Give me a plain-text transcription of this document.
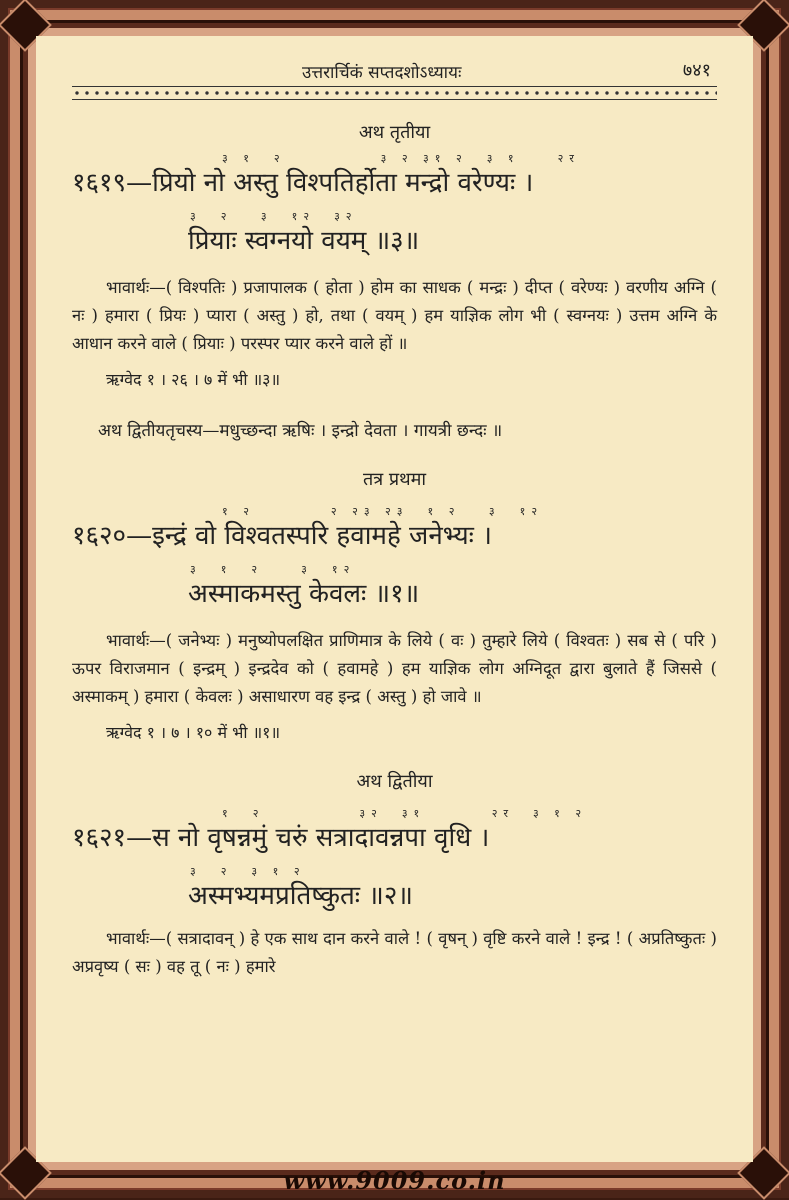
उत्तरार्चिकं सप्तदशोऽध्यायः	७४१
अथ तृतीया
३ १  २          ३ २ ३१ २  ३ १    २र
१६१९—प्रियो नो अस्तु विश्पतिर्होता मन्द्रो वरेण्यः ।
३  २   ३  १२  ३२
प्रियाः स्वग्नयो वयम् ॥३॥

भावार्थः—( विश्पतिः ) प्रजापालक ( होता ) होम का साधक ( मन्द्रः ) दीप्त ( वरेण्यः ) वरणीय अग्नि ( नः ) हमारा ( प्रियः ) प्यारा ( अस्तु ) हो, तथा ( वयम् ) हम याज्ञिक लोग भी ( स्वग्नयः ) उत्तम अग्नि के आधान करने वाले ( प्रियाः ) परस्पर प्यार करने वाले हों ॥

ऋग्वेद १ । २६ । ७ में भी ॥३॥
अथ द्वितीयतृचस्य—मधुच्छन्दा ऋषिः । इन्द्रो देवता । गायत्री छन्दः ॥
तत्र प्रथमा
१ २        २ २३ २३  १ २   ३  १२
१६२०—इन्द्रं वो विश्वतस्परि हवामहे जनेभ्यः ।
३  १  २    ३  १२
अस्माकमस्तु केवलः ॥१॥

भावार्थः—( जनेभ्यः ) मनुष्योपलक्षित प्राणिमात्र के लिये ( वः ) तुम्हारे लिये ( विश्वतः ) सब से ( परि ) ऊपर विराजमान ( इन्द्रम् ) इन्द्रदेव को ( हवामहे ) हम याज्ञिक लोग अग्निदूत द्वारा बुलाते हैं जिससे ( अस्माकम् ) हमारा ( केवलः ) असाधारण वह इन्द्र ( अस्तु ) हो जावे ॥

ऋग्वेद १ । ७ । १० में भी ॥१॥
अथ द्वितीया
१  २          ३२  ३१       २र  ३ १ २
१६२१—स नो वृषन्नमुं चरुं सत्रादावन्नपा वृधि ।
३  २  ३ १ २
अस्मभ्यमप्रतिष्कुतः ॥२॥

भावार्थः—( सत्रादावन् ) हे एक साथ दान करने वाले ! ( वृषन् ) वृष्टि करने वाले ! इन्द्र ! ( अप्रतिष्कुतः ) अप्रवृष्य ( सः ) वह तू ( नः ) हमारे

www.9009.co.in
